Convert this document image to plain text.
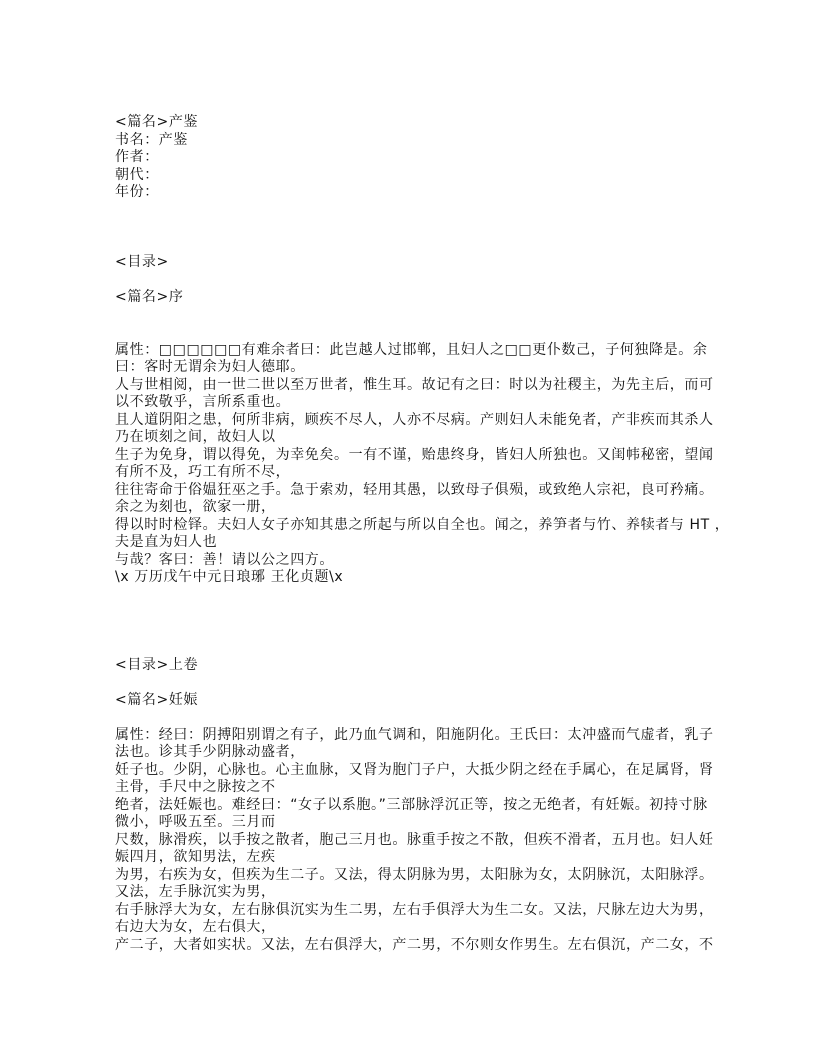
<篇名>产鉴
书名：产鉴
作者：
朝代：
年份：
<目录>
<篇名>序
属性：□□□□□□有难余者曰：此岂越人过邯郸，且妇人之□□更仆数己，子何独降是。余
曰：客时无谓余为妇人德耶。
人与世相阅，由一世二世以至万世者，惟生耳。故记有之曰：时以为社稷主，为先主后，而可
以不致敬乎，言所系重也。
且人道阴阳之患，何所非病，顾疾不尽人，人亦不尽病。产则妇人未能免者，产非疾而其杀人
乃在顷刻之间，故妇人以
生子为免身，谓以得免，为幸免矣。一有不谨，贻患终身，皆妇人所独也。又闺帏秘密，望闻
有所不及，巧工有所不尽，
往往寄命于俗媪狂巫之手。急于索劝，轻用其愚，以致母子俱殒，或致绝人宗祀，良可矜痛。
余之为刻也，欲家一册，
得以时时检铎。夫妇人女子亦知其患之所起与所以自全也。闻之，养笋者与竹、养犊者与 HT ，
夫是直为妇人也
与哉？客曰：善！请以公之四方。
\x 万历戊午中元日琅琊 王化贞题\x
<目录>上卷
<篇名>妊娠
属性：经曰：阴搏阳别谓之有子，此乃血气调和，阳施阴化。王氏曰：太冲盛而气虚者，乳子
法也。诊其手少阴脉动盛者，
妊子也。少阴，心脉也。心主血脉，又肾为胞门子户，大抵少阴之经在手属心，在足属肾，肾
主骨，手尺中之脉按之不
绝者，法妊娠也。难经曰：“女子以系胞。”三部脉浮沉正等，按之无绝者，有妊娠。初持寸脉
微小，呼吸五至。三月而
尺数，脉滑疾，以手按之散者，胞己三月也。脉重手按之不散，但疾不滑者，五月也。妇人妊
娠四月，欲知男法，左疾
为男，右疾为女，但疾为生二子。又法，得太阴脉为男，太阳脉为女，太阴脉沉，太阳脉浮。
又法，左手脉沉实为男，
右手脉浮大为女，左右脉俱沉实为生二男，左右手俱浮大为生二女。又法，尺脉左边大为男，
右边大为女，左右俱大，
产二子，大者如实状。又法，左右俱浮大，产二男，不尔则女作男生。左右俱沉，产二女，不
